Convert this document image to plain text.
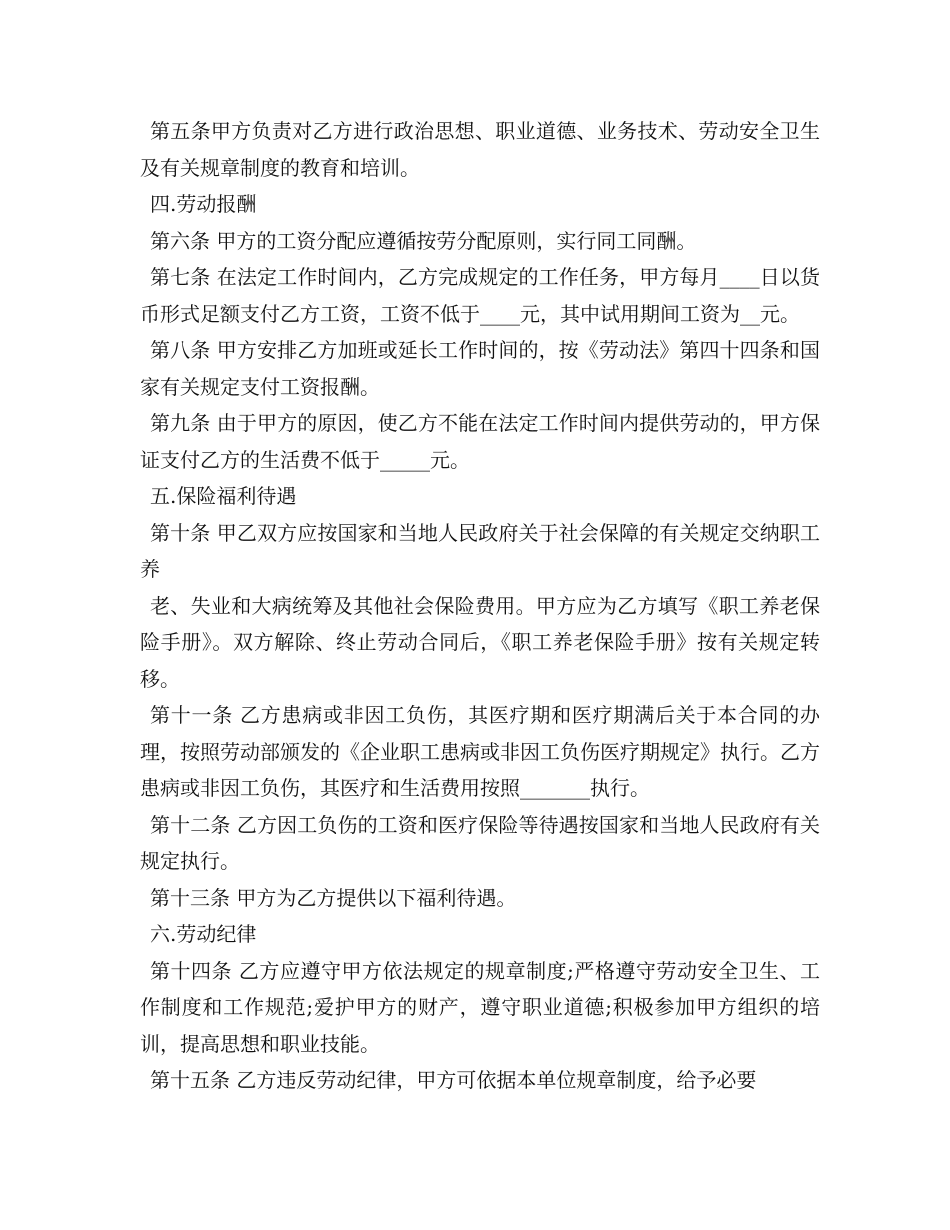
第五条甲方负责对乙方进行政治思想、职业道德、业务技术、劳动安全卫生及有关规章制度的教育和培训。

四.劳动报酬

第六条 甲方的工资分配应遵循按劳分配原则，实行同工同酬。

第七条 在法定工作时间内，乙方完成规定的工作任务，甲方每月____日以货币形式足额支付乙方工资，工资不低于____元，其中试用期间工资为__元。

第八条 甲方安排乙方加班或延长工作时间的，按《劳动法》第四十四条和国家有关规定支付工资报酬。

第九条 由于甲方的原因，使乙方不能在法定工作时间内提供劳动的，甲方保证支付乙方的生活费不低于_____元。

五.保险福利待遇

第十条 甲乙双方应按国家和当地人民政府关于社会保障的有关规定交纳职工养

老、失业和大病统筹及其他社会保险费用。甲方应为乙方填写《职工养老保险手册》。双方解除、终止劳动合同后，《职工养老保险手册》按有关规定转移。

第十一条 乙方患病或非因工负伤，其医疗期和医疗期满后关于本合同的办理，按照劳动部颁发的《企业职工患病或非因工负伤医疗期规定》执行。乙方患病或非因工负伤，其医疗和生活费用按照_______执行。

第十二条 乙方因工负伤的工资和医疗保险等待遇按国家和当地人民政府有关规定执行。

第十三条 甲方为乙方提供以下福利待遇。

六.劳动纪律

第十四条 乙方应遵守甲方依法规定的规章制度;严格遵守劳动安全卫生、工作制度和工作规范;爱护甲方的财产，遵守职业道德;积极参加甲方组织的培训，提高思想和职业技能。

第十五条 乙方违反劳动纪律，甲方可依据本单位规章制度，给予必要
